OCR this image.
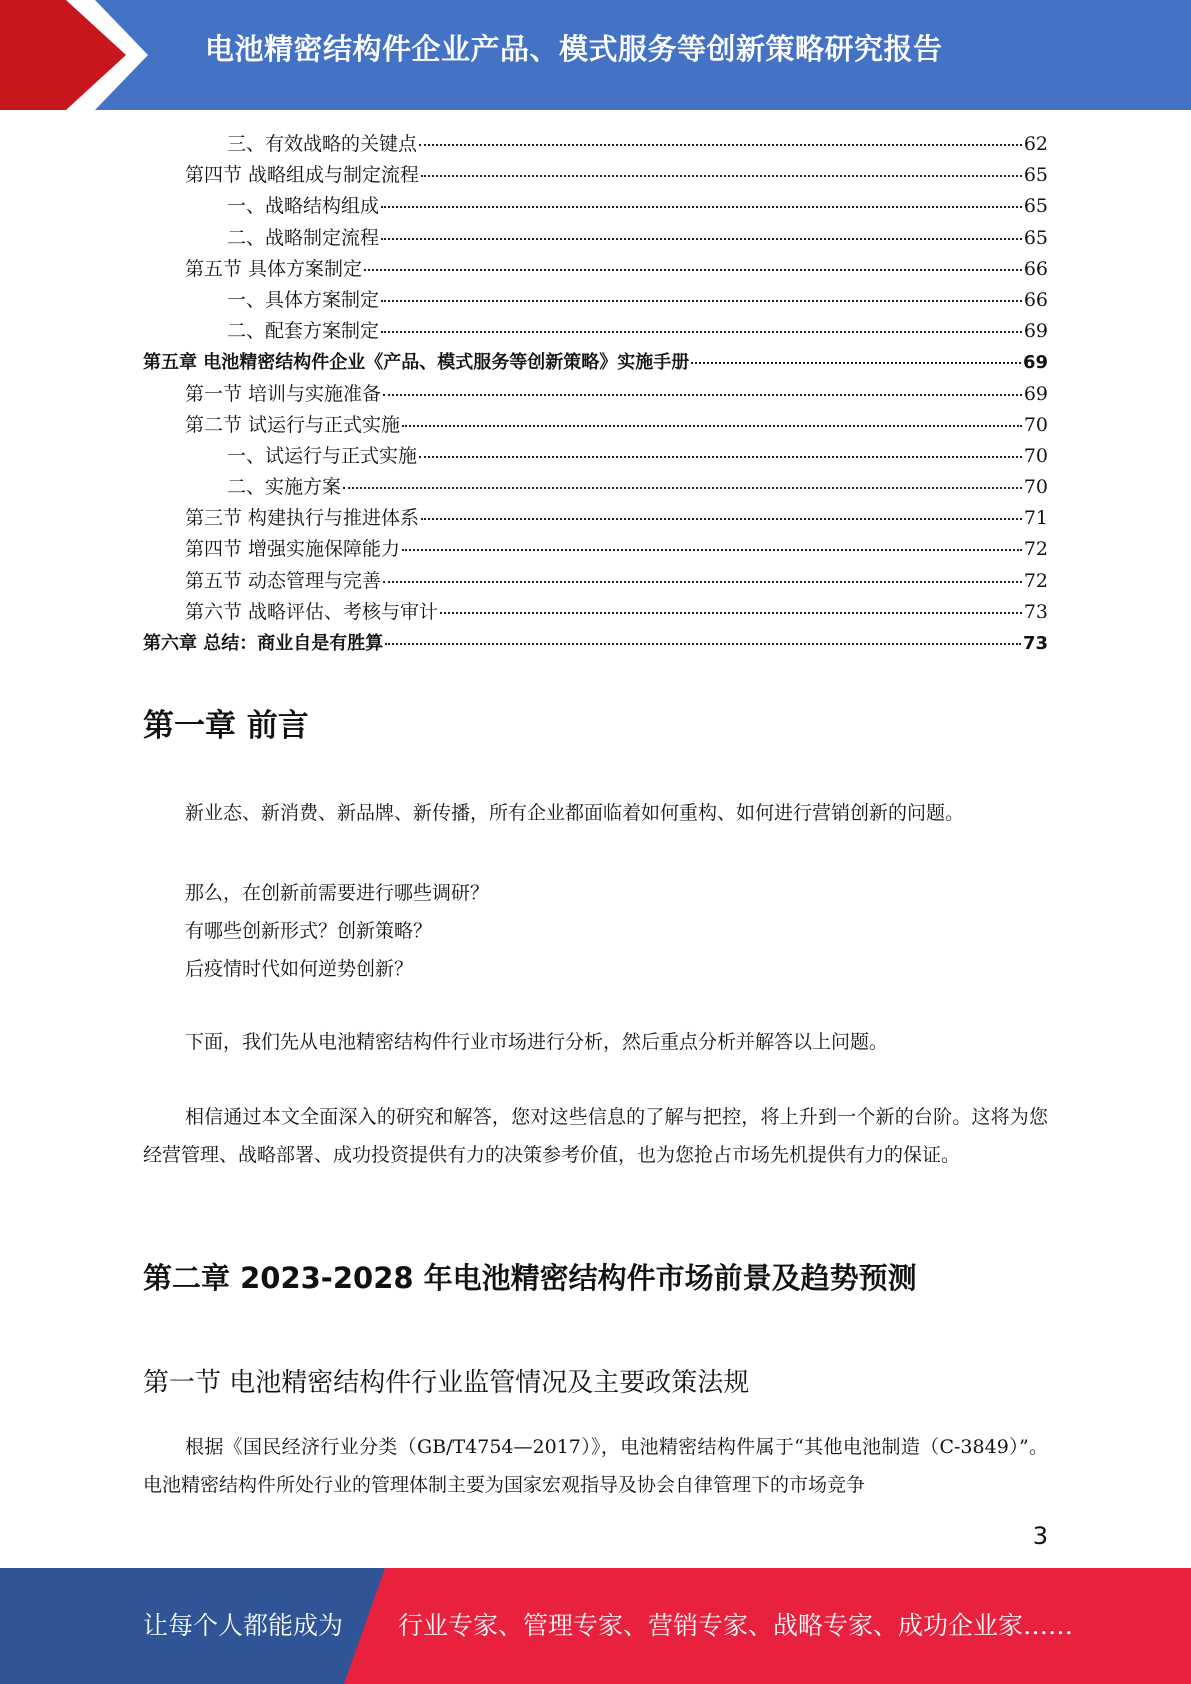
电池精密结构件企业产品、模式服务等创新策略研究报告
三、有效战略的关键点	62
第四节 战略组成与制定流程	65
一、战略结构组成	65
二、战略制定流程	65
第五节 具体方案制定	66
一、具体方案制定	66
二、配套方案制定	69
第五章 电池精密结构件企业《产品、模式服务等创新策略》实施手册	69
第一节 培训与实施准备	69
第二节 试运行与正式实施	70
一、试运行与正式实施	70
二、实施方案	70
第三节 构建执行与推进体系	71
第四节 增强实施保障能力	72
第五节 动态管理与完善	72
第六节 战略评估、考核与审计	73
第六章 总结：商业自是有胜算	73
第一章 前言
新业态、新消费、新品牌、新传播，所有企业都面临着如何重构、如何进行营销创新的问题。
那么，在创新前需要进行哪些调研？
有哪些创新形式？创新策略？
后疫情时代如何逆势创新？
下面，我们先从电池精密结构件行业市场进行分析，然后重点分析并解答以上问题。
相信通过本文全面深入的研究和解答，您对这些信息的了解与把控，将上升到一个新的台阶。这将为您经营管理、战略部署、成功投资提供有力的决策参考价值，也为您抢占市场先机提供有力的保证。
第二章 2023-2028 年电池精密结构件市场前景及趋势预测
第一节 电池精密结构件行业监管情况及主要政策法规
根据《国民经济行业分类（GB/T4754—2017）》，电池精密结构件属于“其他电池制造（C-3849）”。电池精密结构件所处行业的管理体制主要为国家宏观指导及协会自律管理下的市场竞争
3
让每个人都能成为 行业专家、管理专家、营销专家、战略专家、成功企业家……
